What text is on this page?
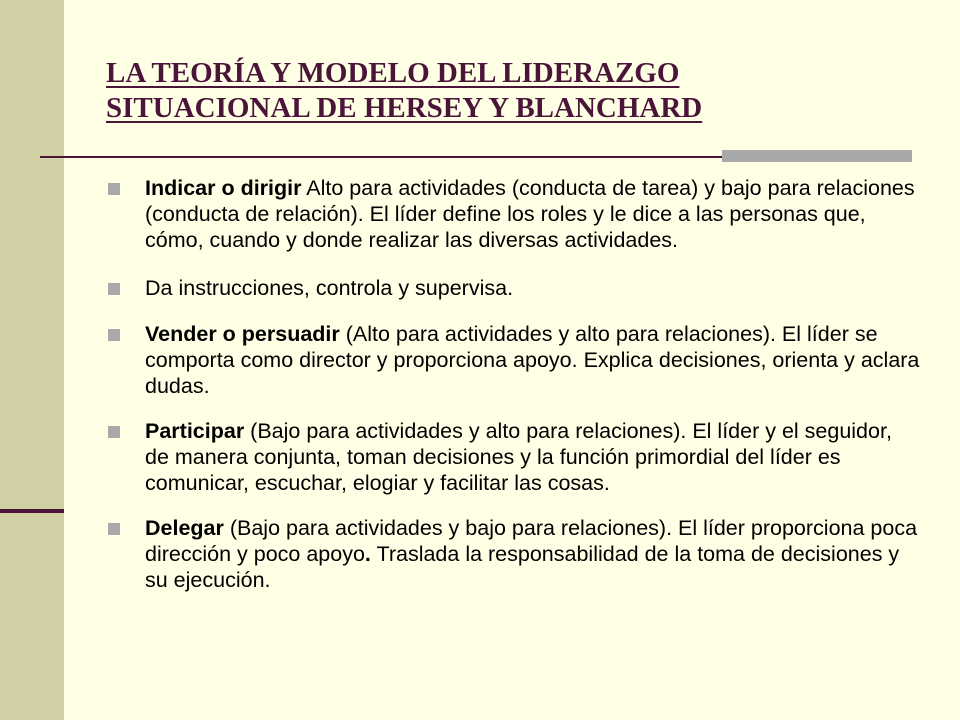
LA TEORÍA Y MODELO DEL LIDERAZGO
SITUACIONAL DE HERSEY Y BLANCHARD
Indicar o dirigir Alto para actividades (conducta de tarea) y bajo para relaciones (conducta de relación). El líder define los roles y le dice a las personas que, cómo, cuando y donde realizar las diversas actividades.
Da instrucciones, controla y supervisa.
Vender o persuadir (Alto para actividades y alto para relaciones). El líder se comporta como director y proporciona apoyo. Explica decisiones, orienta y aclara dudas.
Participar (Bajo para actividades y alto para relaciones). El líder y el seguidor, de manera conjunta, toman decisiones y la función primordial del líder es comunicar, escuchar, elogiar y facilitar las cosas.
Delegar (Bajo para actividades y bajo para relaciones). El líder proporciona poca dirección y poco apoyo. Traslada la responsabilidad de la toma de decisiones y su ejecución.
